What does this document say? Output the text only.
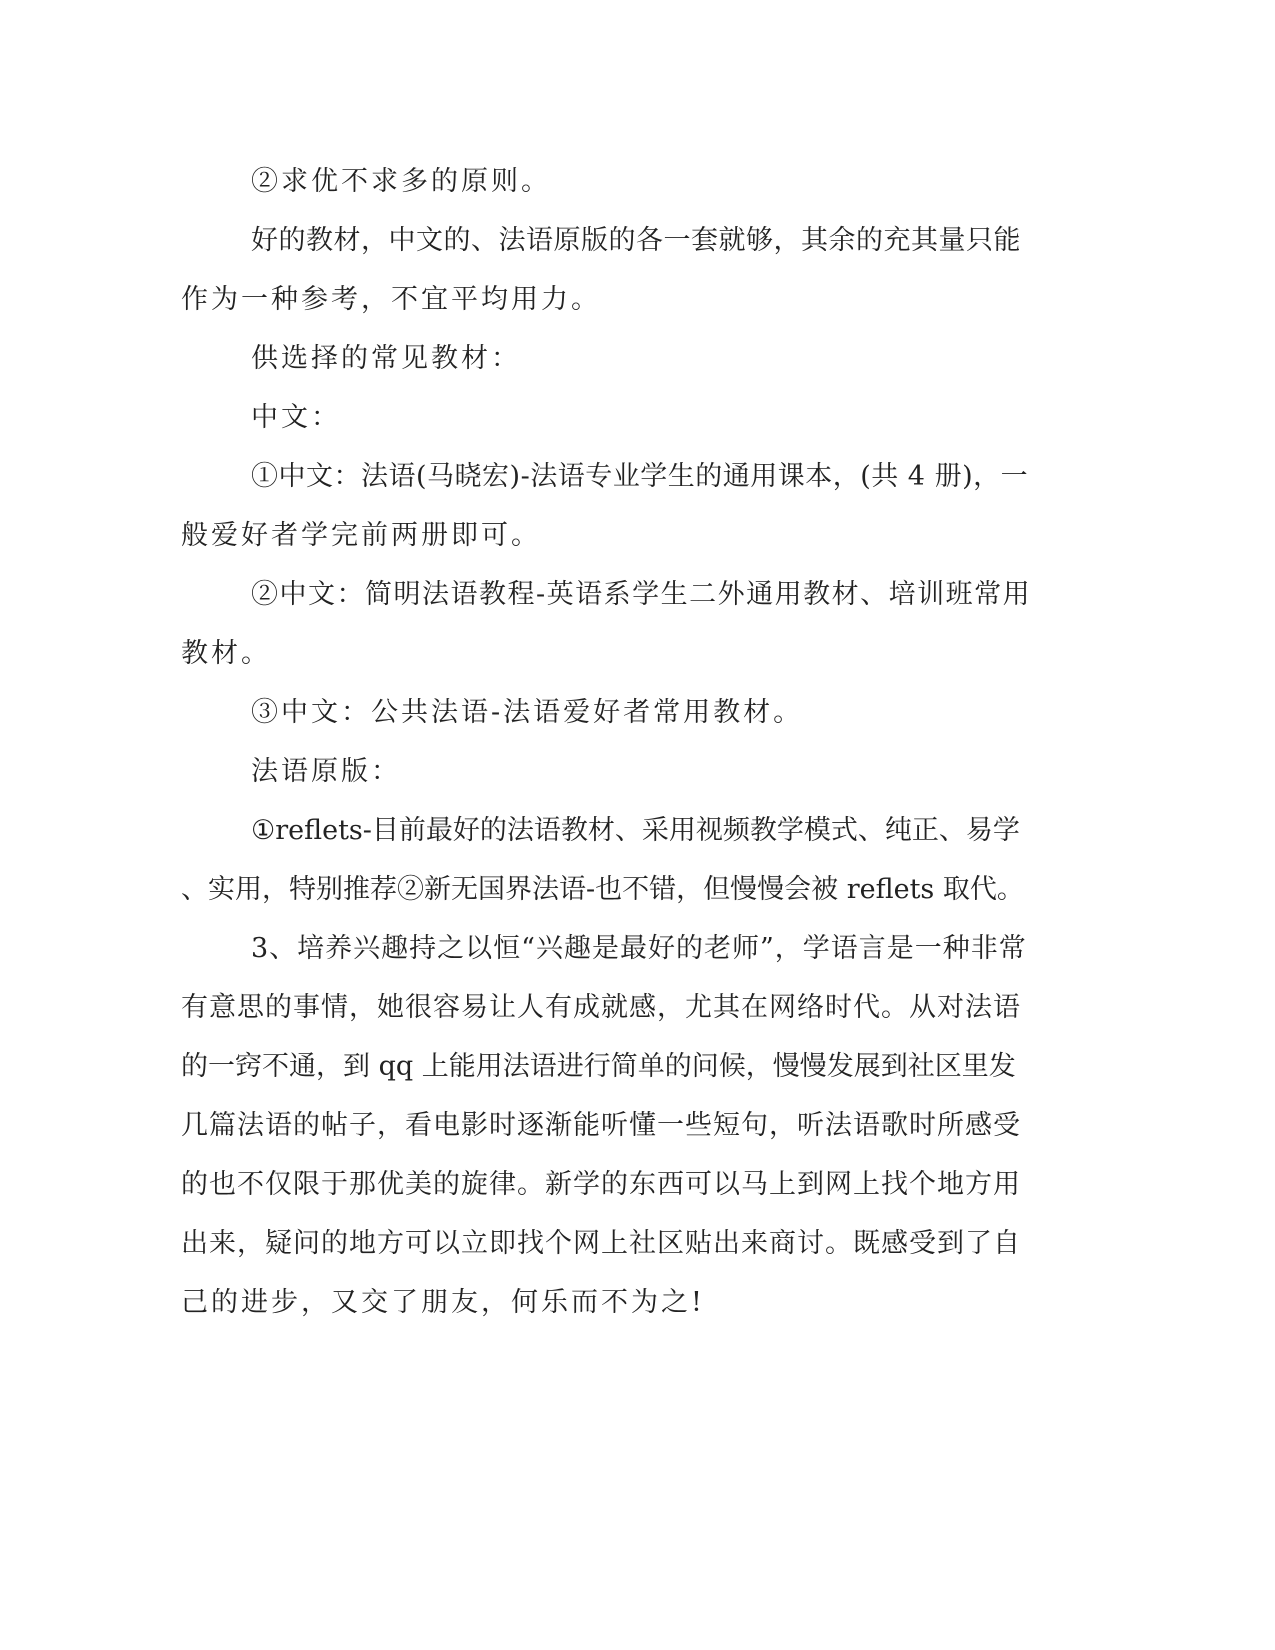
②求优不求多的原则。
好的教材，中文的、法语原版的各一套就够，其余的充其量只能
作为一种参考，不宜平均用力。
供选择的常见教材：
中文：
①中文：法语(马晓宏)-法语专业学生的通用课本，(共 4 册)，一
般爱好者学完前两册即可。
②中文：简明法语教程-英语系学生二外通用教材、培训班常用
教材。
③中文：公共法语-法语爱好者常用教材。
法语原版：
①reflets-目前最好的法语教材、采用视频教学模式、纯正、易学
、实用，特别推荐②新无国界法语-也不错，但慢慢会被 reflets 取代。
3、培养兴趣持之以恒“兴趣是最好的老师”，学语言是一种非常
有意思的事情，她很容易让人有成就感，尤其在网络时代。从对法语
的一窍不通，到 qq 上能用法语进行简单的问候，慢慢发展到社区里发
几篇法语的帖子，看电影时逐渐能听懂一些短句，听法语歌时所感受
的也不仅限于那优美的旋律。新学的东西可以马上到网上找个地方用
出来，疑问的地方可以立即找个网上社区贴出来商讨。既感受到了自
己的进步，又交了朋友，何乐而不为之!
